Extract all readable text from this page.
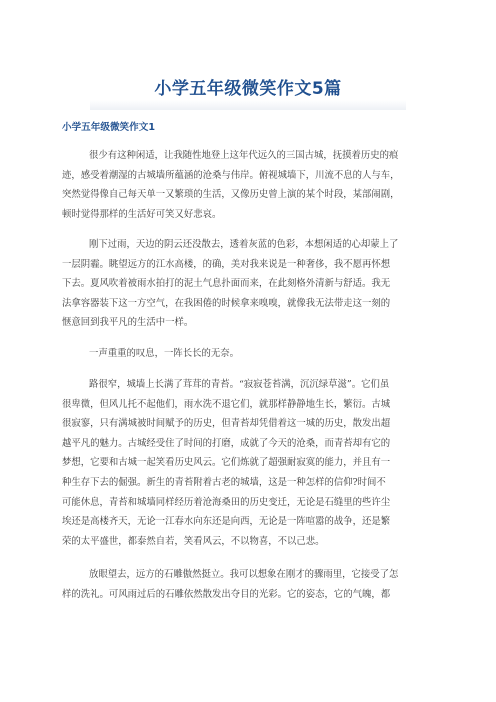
小学五年级微笑作文5篇
小学五年级微笑作文1
很少有这种闲适，让我随性地登上这年代远久的三国古城，抚摸着历史的痕
迹，感受着潮湿的古城墙所蕴涵的沧桑与伟岸。俯视城墙下，川流不息的人与车，
突然觉得像自己每天单一又繁琐的生活，又像历史曾上演的某个时段，某部闹剧，
顿时觉得那样的生活好可笑又好悲哀。
刚下过雨，天边的阴云还没散去，透着灰蓝的色彩，本想闲适的心却蒙上了
一层阴霾。眺望远方的江水高楼，的确，美对我来说是一种奢侈，我不愿再怀想
下去。夏风吹着被雨水拍打的泥土气息扑面而来，在此刻格外清新与舒适。我无
法拿容器装下这一方空气，在我困倦的时候拿来嗅嗅，就像我无法带走这一刻的
惬意回到我平凡的生活中一样。
一声重重的叹息，一阵长长的无奈。
路很窄，城墙上长满了茸茸的青苔。“寂寂苍苔满，沉沉绿草滋”。它们虽
很卑微，但风儿托不起他们，雨水洗不退它们，就那样静静地生长，繁衍。古城
很寂寥，只有满城被时间赋予的历史，但青苔却凭借着这一城的历史，散发出超
越平凡的魅力。古城经受住了时间的打磨，成就了今天的沧桑，而青苔却有它的
梦想，它要和古城一起笑看历史风云。它们炼就了超强耐寂寞的能力，并且有一
种生存下去的倔强。新生的青苔附着古老的城墙，这是一种怎样的信仰?时间不
可能休息，青苔和城墙同样经历着沧海桑田的历史变迁，无论是石缝里的些许尘
埃还是高楼齐天，无论一江春水向东还是向西，无论是一阵喧嚣的战争，还是繁
荣的太平盛世，都泰然自若，笑看风云，不以物喜，不以己悲。
放眼望去，远方的石雕傲然挺立。我可以想象在刚才的骤雨里，它接受了怎
样的洗礼。可风雨过后的石雕依然散发出夺目的光彩。它的姿态，它的气魄，都
